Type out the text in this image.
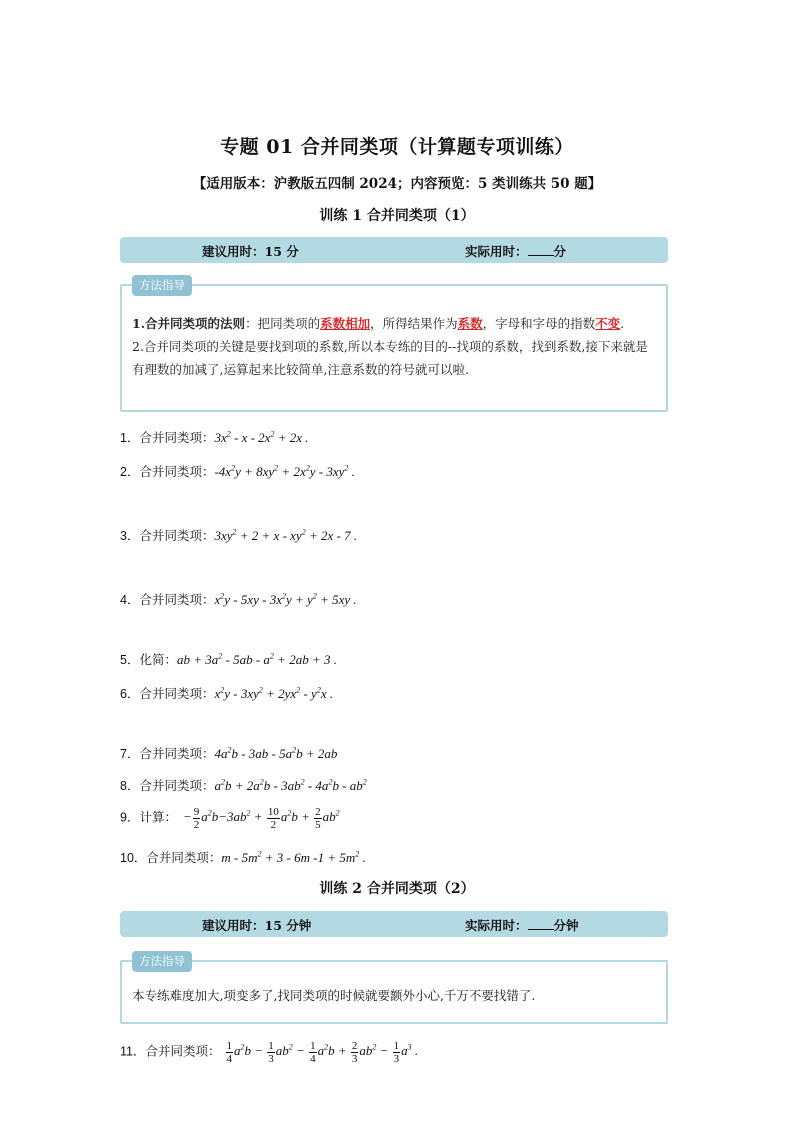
专题 01 合并同类项（计算题专项训练）
【适用版本：沪教版五四制 2024；内容预览：5 类训练共 50 题】
训练 1 合并同类项（1）
建议用时：15 分	实际用时： 分
方法指导
1.合并同类项的法则：把同类项的系数相加，所得结果作为系数，字母和字母的指数不变.
2.合并同类项的关键是要找到项的系数,所以本专练的目的--找项的系数，找到系数,接下来就是有理数的加减了,运算起来比较简单,注意系数的符号就可以啦.
1．合并同类项：$3x^2 - x - 2x^2 + 2x$ .
2．合并同类项：$-4x^2y + 8xy^2 + 2x^2y - 3xy^2$ .
3．合并同类项：$3xy^2 + 2 + x - xy^2 + 2x - 7$ .
4．合并同类项：$x^2y - 5xy - 3x^2y + y^2 + 5xy$ .
5．化简：ab + $3a^2 - 5ab - a^2 + 2ab + 3$ .
6．合并同类项：$x^2y - 3xy^2 + 2yx^2 - y^2x$ .
7．合并同类项：$4a^2b - 3ab - 5a^2b + 2ab$
8．合并同类项：$a^2b + 2a^2b - 3ab^2 - 4a^2b - ab^2$
9．计算： − $\frac{9}{2} a^2b-3ab^2 + \frac{10}{2} a^2b + \frac{2}{5} ab^2$
10．合并同类项：$m - 5m^2 + 3 - 6m$ $-1 + 5m^2$ .
训练 2 合并同类项（2）
建议用时：15 分钟	实际用时： 分钟
方法指导
本专练难度加大,项变多了,找同类项的时候就要额外小心,千万不要找错了.
11．合并同类项： $\frac{1}{4} a^2b - \frac{1}{3} ab^2 - \frac{1}{4} a^2b + \frac{2}{3} ab^2 - \frac{1}{3} a^3$ .
